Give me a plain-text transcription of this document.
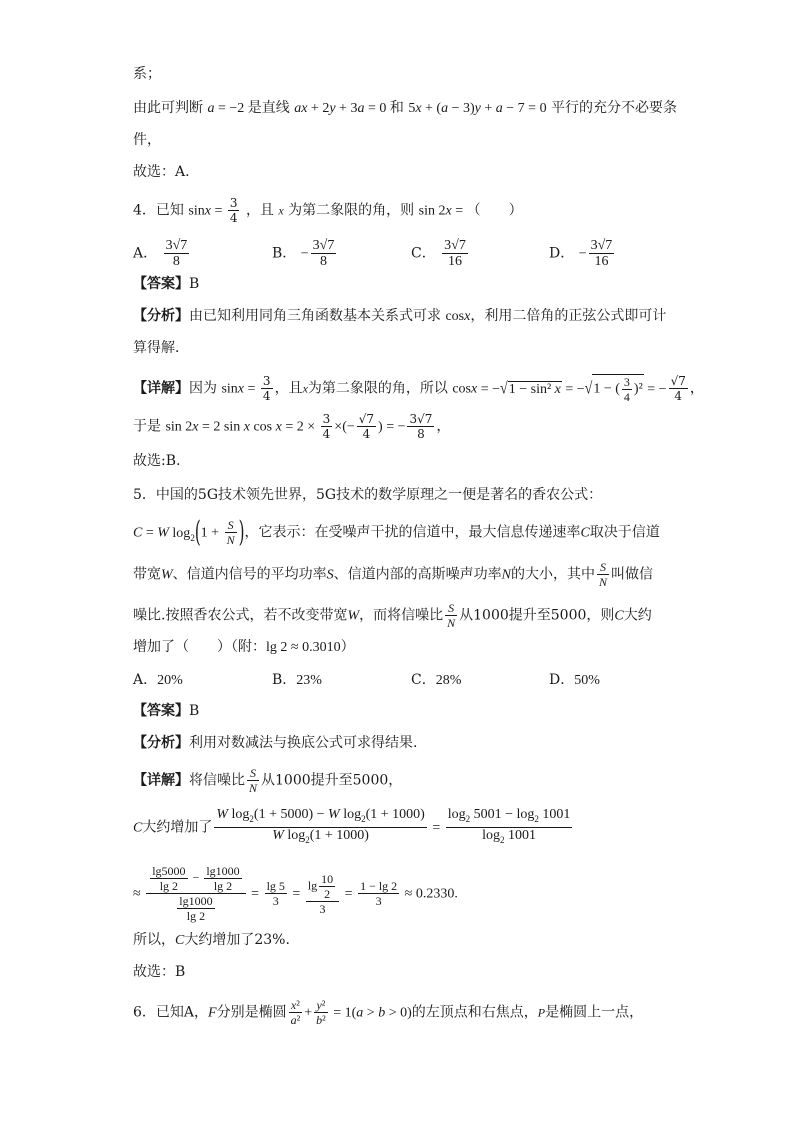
系；
由此可判断 a = −2 是直线 ax + 2y + 3a = 0 和 5x + (a − 3)y + a − 7 = 0 平行的充分不必要条
件，
故选：A.
4．已知 $\sin x = \frac{3}{4}$ ，且 x 为第二象限的角，则 sin 2x = （　　）
A． $\frac{3√7}{8}$	B． − $\frac{3√7}{8}$	C． $\frac{3√7}{16}$	D． − $\frac{3√7}{16}$
【答案】B
【分析】由已知利用同角三角函数基本关系式可求 cosx，利用二倍角的正弦公式即可计
算得解．
【详解】因为 $\sin x = \frac{3}{4}$ ，且x为第二象限的角，所以 cosx = −√1 − sin² x = −√1 − ( $\frac{3}{4} )^2$ = − $\frac{√7}{4}$ ，
于是 sin 2x = 2 sin x $\cos x = 2 \times \frac{3}{4}$ ×(− $\frac{√7}{4}$ ) = − $\frac{3√7}{8}$ ，
故选:B.
5．中国的5G技术领先世界，5G技术的数学原理之一便是著名的香农公式：
C = W $\log_2(1 + \frac{S}{N}$ )，它表示：在受噪声干扰的信道中，最大信息传递速率C取决于信道
带宽W、信道内信号的平均功率S、信道内部的高斯噪声功率N的大小，其中 $\frac{S}{N}$ 叫做信
噪比.按照香农公式，若不改变带宽W，而将信噪比 $\frac{S}{N}$ 从1000提升至5000，则C大约
增加了（　　）（附：lg 2 ≈ 0.3010）
A．20%	B．23%	C．28%	D．50%
【答案】B
【分析】利用对数减法与换底公式可求得结果.
【详解】将信噪比 $\frac{S}{N}$ 从1000提升至5000，
C大约增加了 $\frac{W \log_2(1 + 5000) - W \log_2(1 + 1000)}{W \log_2(1 + 1000)} = \frac{\log_2 5001 - \log_2 1001}{\log_2 1001}$
≈ $\frac{\frac{\lg 5000}{\lg 2} - \frac{\lg 1000}{\lg 2}}{\frac{\lg 1000}{\lg 2}} = \frac{\lg 5}{3} = \frac{\lg \frac{10}{2}}{3} = \frac{1 - \lg 2}{3} \approx 0.2330$.
所以，C大约增加了23%.
故选：B
6．已知A，F分别是椭圆 $\frac{\text{x²}}{\text{a²}} + \frac{\text{y²}}{\text{b²}} = 1(a > b > 0)$的左顶点和右焦点，P是椭圆上一点，
